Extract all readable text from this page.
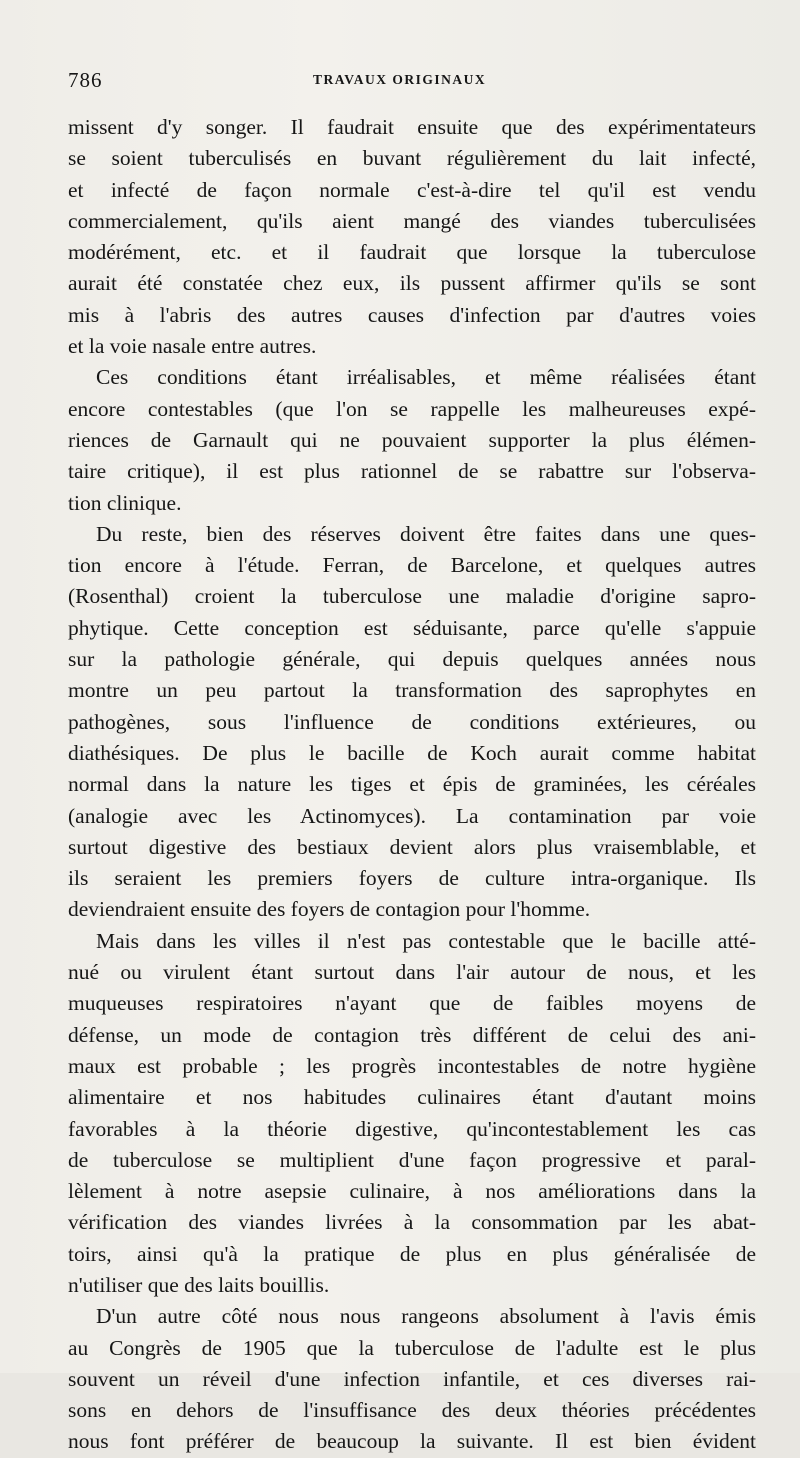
786	TRAVAUX ORIGINAUX
missent d'y songer. Il faudrait ensuite que des expérimentateurs
se soient tuberculisés en buvant régulièrement du lait infecté,
et infecté de façon normale c'est-à-dire tel qu'il est vendu
commercialement, qu'ils aient mangé des viandes tuberculisées
modérément, etc. et il faudrait que lorsque la tuberculose
aurait été constatée chez eux, ils pussent affirmer qu'ils se sont
mis à l'abris des autres causes d'infection par d'autres voies
et la voie nasale entre autres.
Ces conditions étant irréalisables, et même réalisées étant
encore contestables (que l'on se rappelle les malheureuses expé-
riences de Garnault qui ne pouvaient supporter la plus élémen-
taire critique), il est plus rationnel de se rabattre sur l'observa-
tion clinique.
Du reste, bien des réserves doivent être faites dans une ques-
tion encore à l'étude. Ferran, de Barcelone, et quelques autres
(Rosenthal) croient la tuberculose une maladie d'origine sapro-
phytique. Cette conception est séduisante, parce qu'elle s'appuie
sur la pathologie générale, qui depuis quelques années nous
montre un peu partout la transformation des saprophytes en
pathogènes, sous l'influence de conditions extérieures, ou
diathésiques. De plus le bacille de Koch aurait comme habitat
normal dans la nature les tiges et épis de graminées, les céréales
(analogie avec les Actinomyces). La contamination par voie
surtout digestive des bestiaux devient alors plus vraisemblable, et
ils seraient les premiers foyers de culture intra-organique. Ils
deviendraient ensuite des foyers de contagion pour l'homme.
Mais dans les villes il n'est pas contestable que le bacille atté-
nué ou virulent étant surtout dans l'air autour de nous, et les
muqueuses respiratoires n'ayant que de faibles moyens de
défense, un mode de contagion très différent de celui des ani-
maux est probable ; les progrès incontestables de notre hygiène
alimentaire et nos habitudes culinaires étant d'autant moins
favorables à la théorie digestive, qu'incontestablement les cas
de tuberculose se multiplient d'une façon progressive et paral-
lèlement à notre asepsie culinaire, à nos améliorations dans la
vérification des viandes livrées à la consommation par les abat-
toirs, ainsi qu'à la pratique de plus en plus généralisée de
n'utiliser que des laits bouillis.
D'un autre côté nous nous rangeons absolument à l'avis émis
au Congrès de 1905 que la tuberculose de l'adulte est le plus
souvent un réveil d'une infection infantile, et ces diverses rai-
sons en dehors de l'insuffisance des deux théories précédentes
nous font préférer de beaucoup la suivante. Il est bien évident
